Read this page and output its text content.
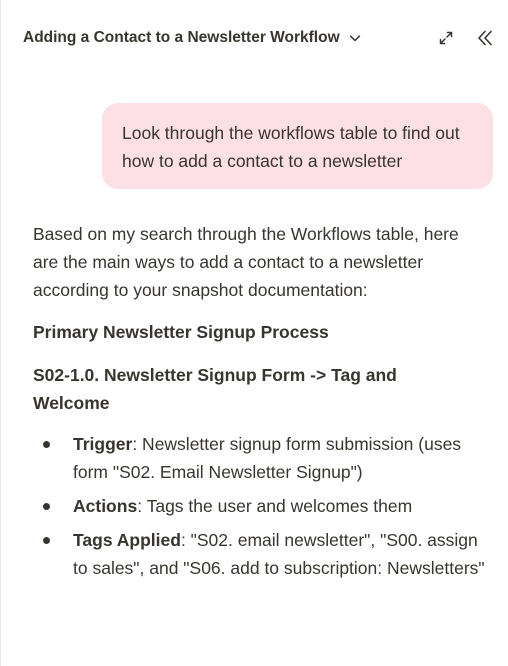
Adding a Contact to a Newsletter Workflow
Look through the workflows table to find out how to add a contact to a newsletter

Based on my search through the Workflows table, here are the main ways to add a contact to a newsletter according to your snapshot documentation:

Primary Newsletter Signup Process

S02-1.0. Newsletter Signup Form -> Tag and Welcome

Trigger: Newsletter signup form submission (uses form "S02. Email Newsletter Signup")
Actions: Tags the user and welcomes them
Tags Applied: "S02. email newsletter", "S00. assign to sales", and "S06. add to subscription: Newsletters"
